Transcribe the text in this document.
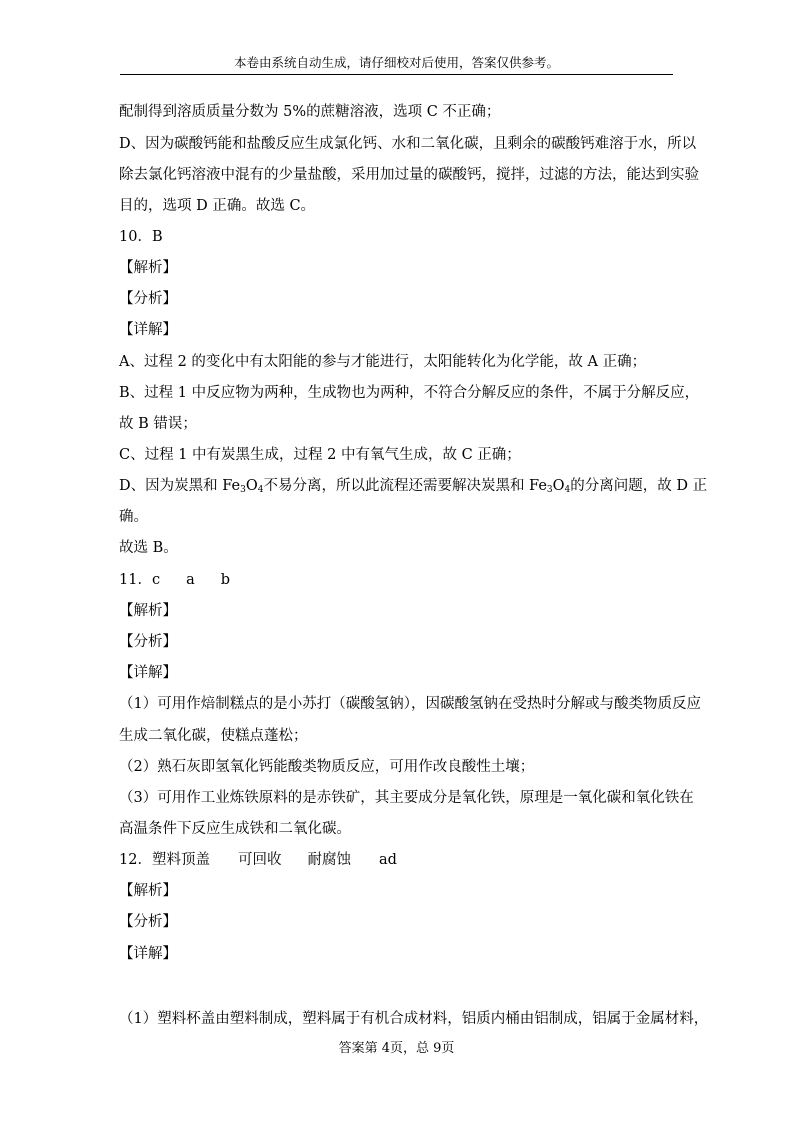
本卷由系统自动生成，请仔细校对后使用，答案仅供参考。
配制得到溶质质量分数为 5%的蔗糖溶液，选项 C 不正确；
D、因为碳酸钙能和盐酸反应生成氯化钙、水和二氧化碳，且剩余的碳酸钙难溶于水，所以
除去氯化钙溶液中混有的少量盐酸，采用加过量的碳酸钙，搅拌，过滤的方法，能达到实验
目的，选项 D 正确。故选 C。
10．B
【解析】
【分析】
【详解】
A、过程 2 的变化中有太阳能的参与才能进行，太阳能转化为化学能，故 A 正确；
B、过程 1 中反应物为两种，生成物也为两种，不符合分解反应的条件，不属于分解反应，
故 B 错误；
C、过程 1 中有炭黑生成，过程 2 中有氧气生成，故 C 正确；
D、因为炭黑和 $Fe_3O_4$不易分离，所以此流程还需要解决炭黑和 $Fe_3O_4$的分离问题，故 D 正
确。
故选 B。
11．c a b
【解析】
【分析】
【详解】
（1）可用作焙制糕点的是小苏打（碳酸氢钠），因碳酸氢钠在受热时分解或与酸类物质反应
生成二氧化碳，使糕点蓬松；
（2）熟石灰即氢氧化钙能酸类物质反应，可用作改良酸性土壤；
（3）可用作工业炼铁原料的是赤铁矿，其主要成分是氧化铁，原理是一氧化碳和氧化铁在
高温条件下反应生成铁和二氧化碳。
12．塑料顶盖 可回收 耐腐蚀 ad
【解析】
【分析】
【详解】
（1）塑料杯盖由塑料制成，塑料属于有机合成材料，铝质内桶由铝制成，铝属于金属材料，
答案第 4页，总 9页
